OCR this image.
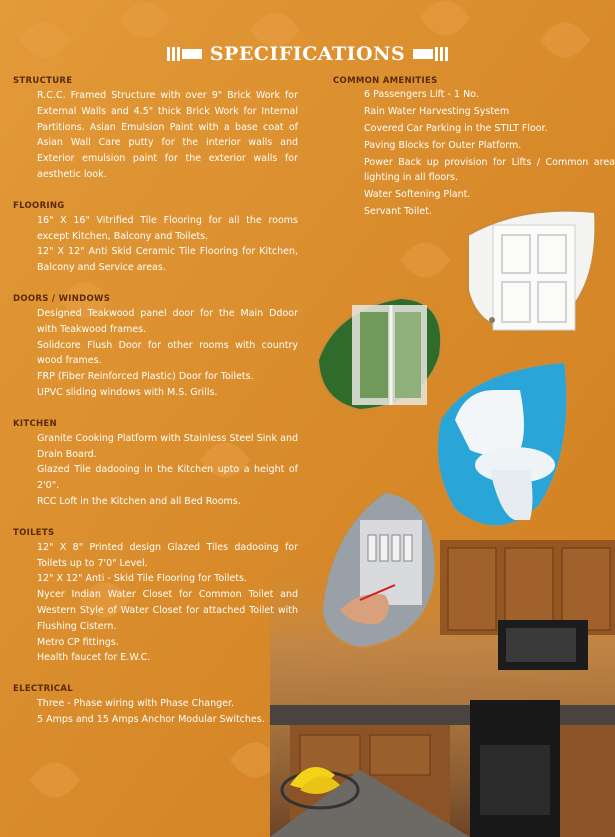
SPECIFICATIONS

STRUCTURE

R.C.C. Framed Structure with over 9" Brick Work for External Walls and 4.5" thick Brick Work for Internal Partitions. Asian Emulsion Paint with a base coat of Asian Wall Care putty for the interior walls and Exterior emulsion paint for the exterior walls for aesthetic look.

FLOORING

16" X 16" Vitrified Tile Flooring for all the rooms except Kitchen, Balcony and Toilets.

12" X 12" Anti Skid Ceramic Tile Flooring for Kitchen, Balcony and Service areas.

DOORS / WINDOWS

Designed Teakwood panel door for the Main Ddoor with Teakwood frames.

Solidcore Flush Door for other rooms with country wood frames.

FRP (Fiber Reinforced Plastic) Door for Toilets.

UPVC sliding windows with M.S. Grills.

KITCHEN

Granite Cooking Platform with Stainless Steel Sink and Drain Board.

Glazed Tile dadooing in the Kitchen upto a height of 2'0".

RCC Loft in the Kitchen and all Bed Rooms.

TOILETS

12" X 8" Printed design Glazed Tiles dadooing for Toilets up to 7'0" Level.

12" X 12" Anti - Skid Tile Flooring for Toilets.

Nycer Indian Water Closet for Common Toilet and Western Style of Water Closet for attached Toilet with Flushing Cistern.

Metro CP fittings.

Health faucet for E.W.C.

ELECTRICAL

Three - Phase wiring with Phase Changer.

5 Amps and 15 Amps Anchor Modular Switches.

COMMON AMENITIES

6 Passengers Lift - 1 No.

Rain Water Harvesting System

Covered Car Parking in the STILT Floor.

Paving Blocks for Outer Platform.

Power Back up provision for Lifts / Common area lighting in all floors.

Water Softening Plant.

Servant Toilet.
